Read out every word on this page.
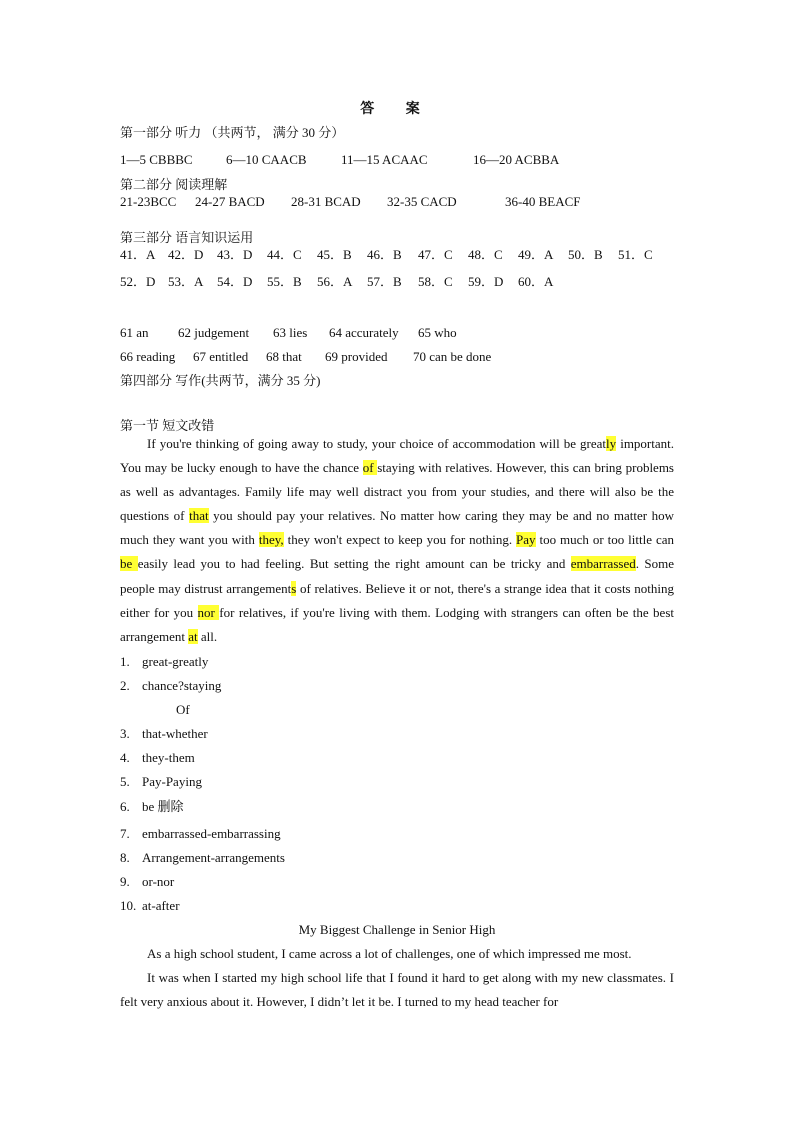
答 案
第一部分 听力 （共两节， 满分 30 分）
1—5 CBBBC	6—10 CAACB	11—15 ACAAC	16—20 ACBBA
第二部分 阅读理解
21-23BCC 24-27 BACD 28-31 BCAD 32-35 CACD	36-40 BEACF
第三部分 语言知识运用
41．A 42．D 43．D 44．C 45．B 46．B 47．C 48．C 49．A 50．B 51．C
52．D 53．A 54．D 55．B 56．A 57．B 58．C 59．D 60．A
61 an 62 judgement 63 lies 64 accurately 65 who
66 reading 67 entitled 68 that 69 provided 70 can be done
第四部分 写作(共两节，满分 35 分)
第一节 短文改错
If you're thinking of going away to study, your choice of accommodation will be greatly important. You may be lucky enough to have the chance of staying with relatives. However, this can bring problems as well as advantages. Family life may well distract you from your studies, and there will also be the questions of that you should pay your relatives. No matter how caring they may be and no matter how much they want you with they, they won't expect to keep you for nothing. Pay too much or too little can be easily lead you to had feeling. But setting the right amount can be tricky and embarrassed. Some people may distrust arrangements of relatives. Believe it or not, there's a strange idea that it costs nothing either for you nor for relatives, if you're living with them. Lodging with strangers can often be the best arrangement at all.
1. great-greatly
2. chance?staying
Of
3. that-whether
4. they-them
5. Pay-Paying
6. be 删除
7. embarrassed-embarrassing
8. Arrangement-arrangements
9. or-nor
10. at-after
My Biggest Challenge in Senior High
As a high school student, I came across a lot of challenges, one of which impressed me most.
It was when I started my high school life that I found it hard to get along with my new classmates. I felt very anxious about it. However, I didn’t let it be. I turned to my head teacher for
